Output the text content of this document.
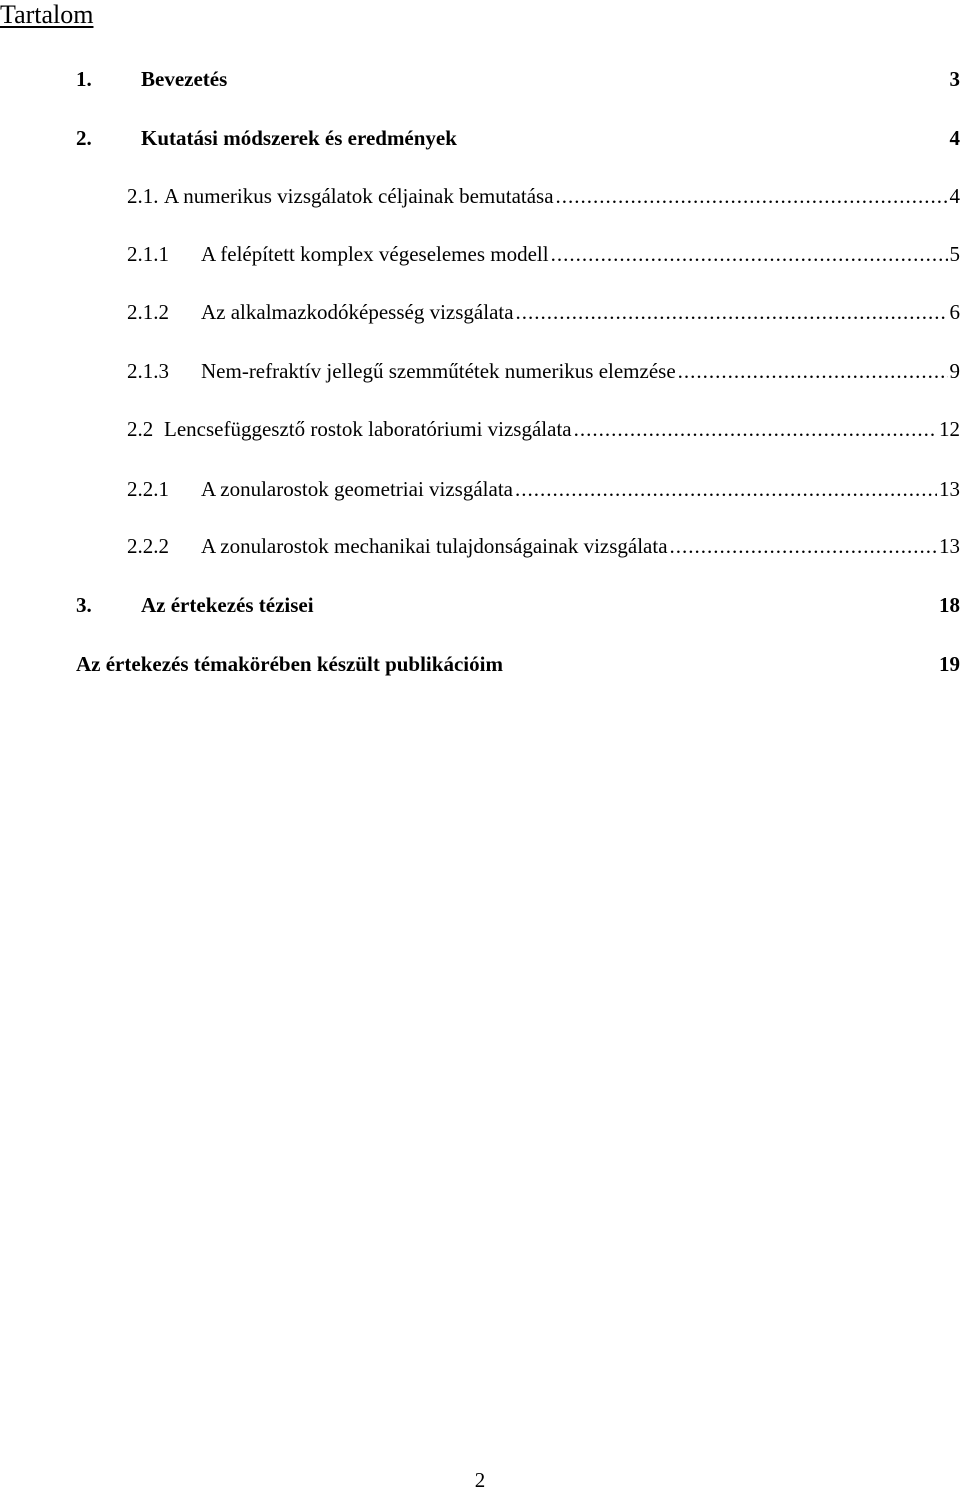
Tartalom
1.	Bevezetés	3
2.	Kutatási módszerek és eredmények	4
2.1. A numerikus vizsgálatok céljainak bemutatása .....	4
2.1.1	A felépített komplex végeselemes modell .....	5
2.1.2	Az alkalmazkodóképesség vizsgálata .....	6
2.1.3	Nem-refraktív jellegű szemműtétek numerikus elemzése .....	9
2.2 Lencsefüggesztő rostok laboratóriumi vizsgálata .....	12
2.2.1	A zonularostok geometriai vizsgálata .....	13
2.2.2	A zonularostok mechanikai tulajdonságainak vizsgálata .....	13
3.	Az értekezés tézisei	18
Az értekezés témakörében készült publikációim	19
2
